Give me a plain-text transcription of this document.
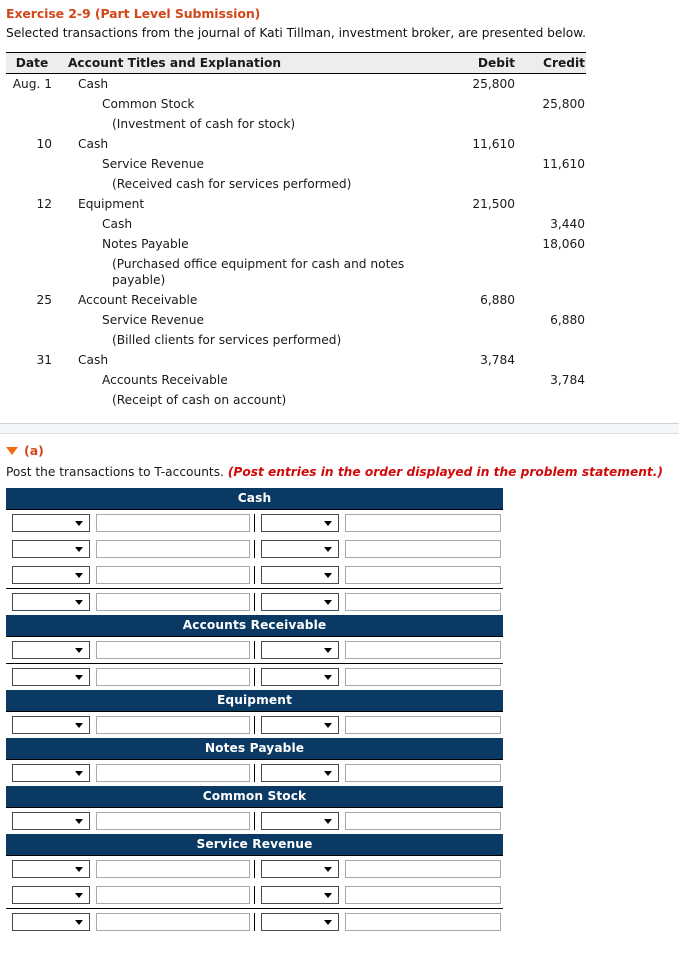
Exercise 2-9 (Part Level Submission)
Selected transactions from the journal of Kati Tillman, investment broker, are presented below.
Date	Account Titles and Explanation	Debit	Credit
Aug. 1	Cash	25,800	
	Common Stock		25,800
	(Investment of cash for stock)		
10	Cash	11,610	
	Service Revenue		11,610
	(Received cash for services performed)		
12	Equipment	21,500	
	Cash		3,440
	Notes Payable		18,060
	(Purchased office equipment for cash and notes payable)		
25	Account Receivable	6,880	
	Service Revenue		6,880
	(Billed clients for services performed)		
31	Cash	3,784	
	Accounts Receivable		3,784
	(Receipt of cash on account)		
(a)
Post the transactions to T-accounts. (Post entries in the order displayed in the problem statement.)
Cash
Accounts Receivable
Equipment
Notes Payable
Common Stock
Service Revenue
